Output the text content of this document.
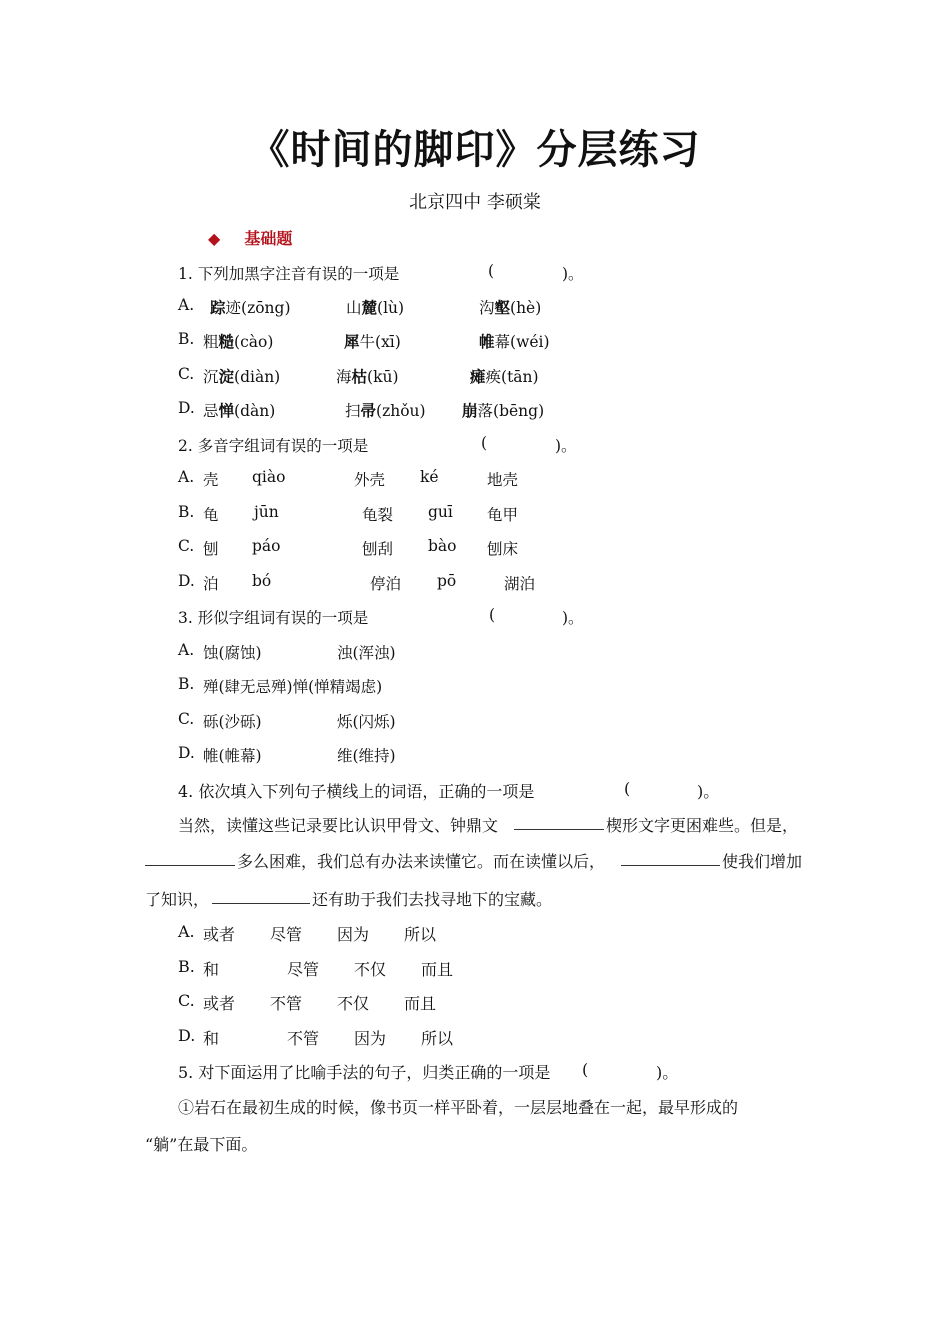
《时间的脚印》分层练习
北京四中 李硕棠
◆ 基础题
1. 下列加黑字注音有误的一项是	(	)。
A. 踪迹(zōng)	山麓(lù)	沟壑(hè)
B. 粗糙(cào)	犀牛(xī)	帷幕(wéi)
C. 沉淀(diàn)	海枯(kū)	瘫痪(tān)
D. 忌惮(dàn)	扫帚(zhǒu) 崩落(bēng)
2. 多音字组词有误的一项是	(	)。
A. 壳 qiào	外壳 ké	地壳
B. 龟 jūn	龟裂 guī 龟甲
C. 刨 páo	刨刮 bào 刨床
D. 泊 bó	停泊 pō	湖泊
3. 形似字组词有误的一项是	(	)。
A. 蚀(腐蚀)	浊(浑浊)
B. 殚(肆无忌殚)惮(惮精竭虑)
C. 砾(沙砾)	烁(闪烁)
D. 帷(帷幕)	维(维持)
4. 依次填入下列句子横线上的词语，正确的一项是	(	)。
当然，读懂这些记录要比认识甲骨文、钟鼎文	楔形文字更困难些。但是，
多么困难，我们总有办法来读懂它。而在读懂以后，	使我们增加
了知识，	还有助于我们去找寻地下的宝藏。
A. 或者 尽管 因为 所以
B. 和	尽管 不仅 而且
C. 或者 不管 不仅 而且
D. 和	不管 因为 所以
5. 对下面运用了比喻手法的句子，归类正确的一项是 (	)。
①岩石在最初生成的时候，像书页一样平卧着，一层层地叠在一起，最早形成的
“躺”在最下面。
